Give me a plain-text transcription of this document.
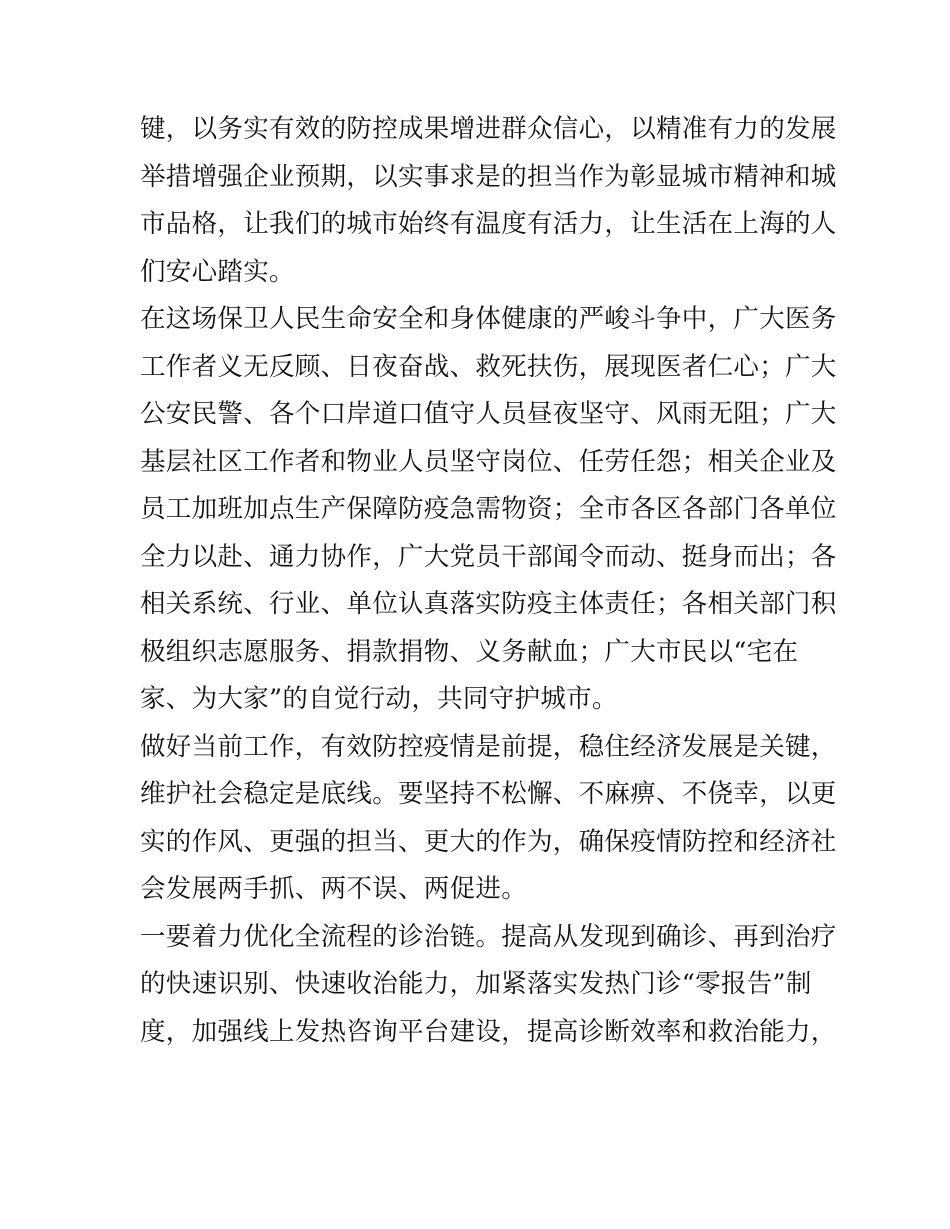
键，以务实有效的防控成果增进群众信心，以精准有力的发展
举措增强企业预期，以实事求是的担当作为彰显城市精神和城
市品格，让我们的城市始终有温度有活力，让生活在上海的人
们安心踏实。
在这场保卫人民生命安全和身体健康的严峻斗争中，广大医务
工作者义无反顾、日夜奋战、救死扶伤，展现医者仁心；广大
公安民警、各个口岸道口值守人员昼夜坚守、风雨无阻；广大
基层社区工作者和物业人员坚守岗位、任劳任怨；相关企业及
员工加班加点生产保障防疫急需物资；全市各区各部门各单位
全力以赴、通力协作，广大党员干部闻令而动、挺身而出；各
相关系统、行业、单位认真落实防疫主体责任；各相关部门积
极组织志愿服务、捐款捐物、义务献血；广大市民以“宅在
家、为大家”的自觉行动，共同守护城市。
做好当前工作，有效防控疫情是前提，稳住经济发展是关键，
维护社会稳定是底线。要坚持不松懈、不麻痹、不侥幸，以更
实的作风、更强的担当、更大的作为，确保疫情防控和经济社
会发展两手抓、两不误、两促进。
一要着力优化全流程的诊治链。提高从发现到确诊、再到治疗
的快速识别、快速收治能力，加紧落实发热门诊“零报告”制
度，加强线上发热咨询平台建设，提高诊断效率和救治能力，
